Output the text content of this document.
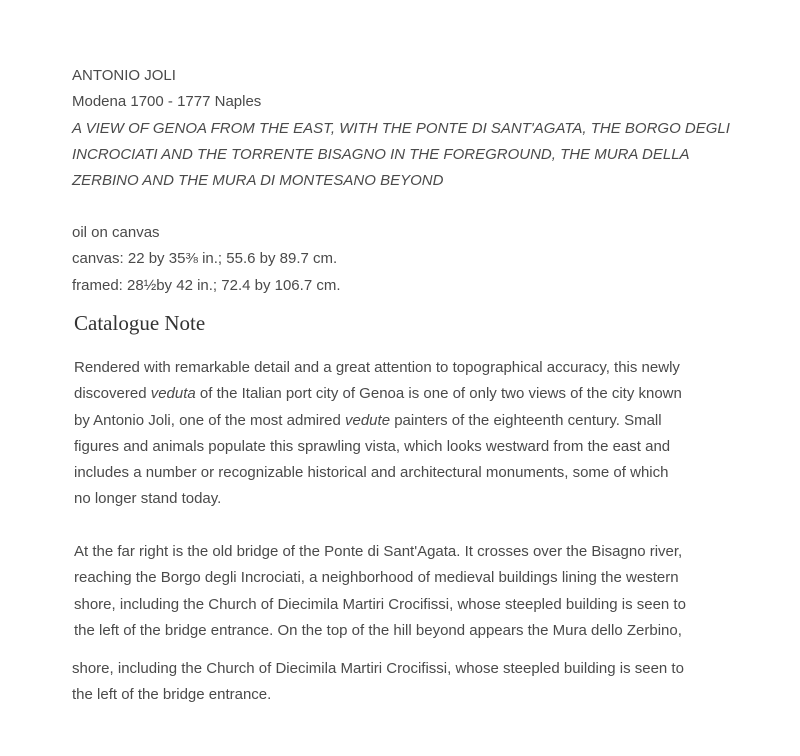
ANTONIO JOLI
Modena 1700 - 1777 Naples
A VIEW OF GENOA FROM THE EAST, WITH THE PONTE DI SANT'AGATA, THE BORGO DEGLI
INCROCIATI AND THE TORRENTE BISAGNO IN THE FOREGROUND, THE MURA DELLA
ZERBINO AND THE MURA DI MONTESANO BEYOND
oil on canvas
canvas: 22 by 35⅜ in.; 55.6 by 89.7 cm.
framed: 28½by 42 in.; 72.4 by 106.7 cm.
Catalogue Note

Rendered with remarkable detail and a great attention to topographical accuracy, this newly
discovered veduta of the Italian port city of Genoa is one of only two views of the city known
by Antonio Joli, one of the most admired vedute painters of the eighteenth century. Small
figures and animals populate this sprawling vista, which looks westward from the east and
includes a number or recognizable historical and architectural monuments, some of which
no longer stand today.

At the far right is the old bridge of the Ponte di Sant'Agata. It crosses over the Bisagno river,
reaching the Borgo degli Incrociati, a neighborhood of medieval buildings lining the western
shore, including the Church of Diecimila Martiri Crocifissi, whose steepled building is seen to
the left of the bridge entrance. On the top of the hill beyond appears the Mura dello Zerbino,

shore, including the Church of Diecimila Martiri Crocifissi, whose steepled building is seen to
the left of the bridge entrance.
